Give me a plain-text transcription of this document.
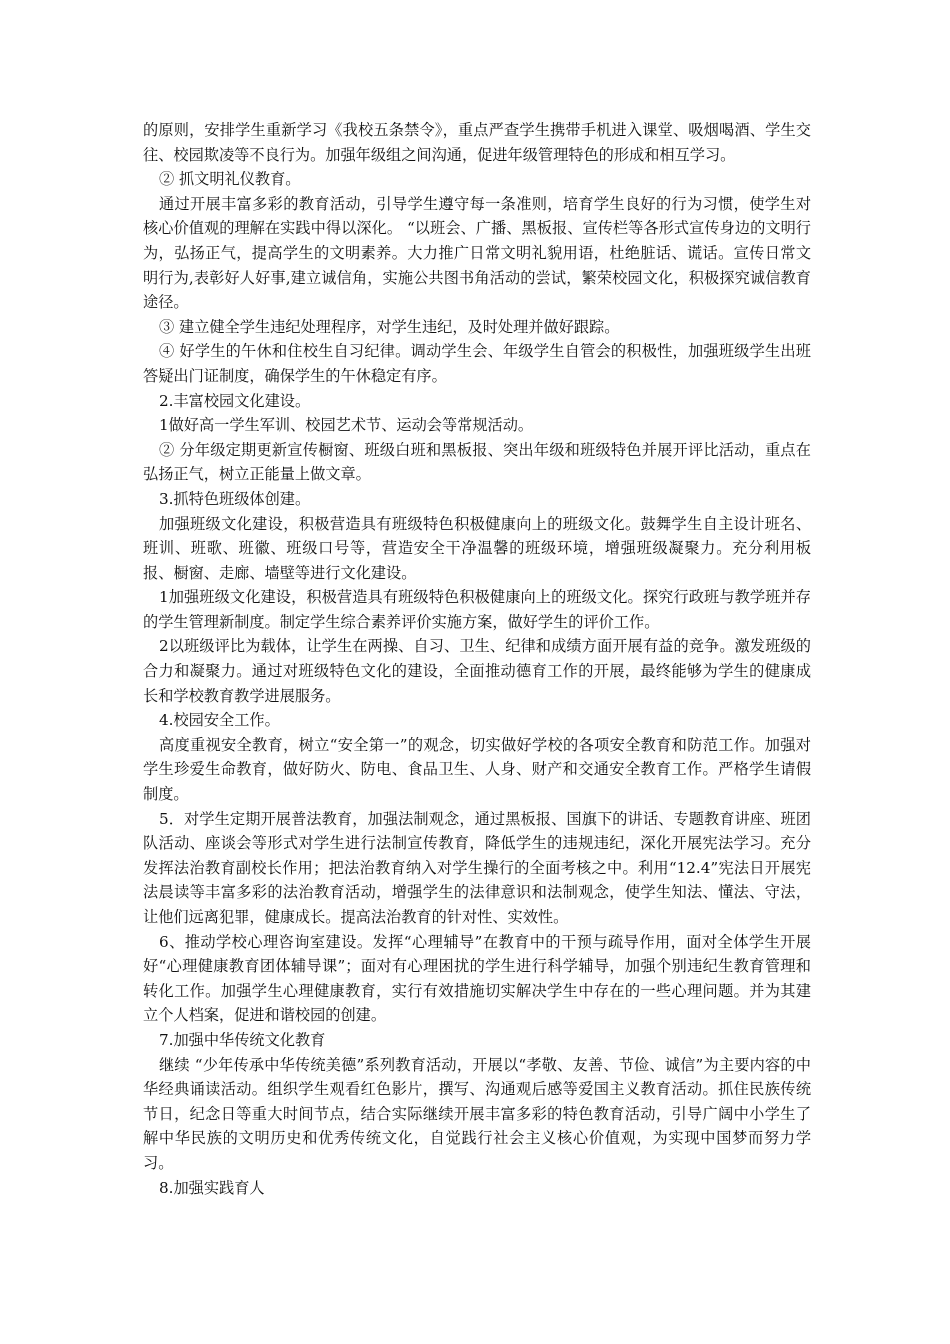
的原则，安排学生重新学习《我校五条禁令》，重点严查学生携带手机进入课堂、吸烟喝酒、学生交往、校园欺凌等不良行为。加强年级组之间沟通，促进年级管理特色的形成和相互学习。

② 抓文明礼仪教育。

通过开展丰富多彩的教育活动，引导学生遵守每一条准则，培育学生良好的行为习惯，使学生对核心价值观的理解在实践中得以深化。 “以班会、广播、黑板报、宣传栏等各形式宣传身边的文明行为，弘扬正气，提高学生的文明素养。大力推广日常文明礼貌用语，杜绝脏话、谎话。宣传日常文明行为,表彰好人好事,建立诚信角，实施公共图书角活动的尝试，繁荣校园文化，积极探究诚信教育途径。

③ 建立健全学生违纪处理程序，对学生违纪，及时处理并做好跟踪。

④ 好学生的午休和住校生自习纪律。调动学生会、年级学生自管会的积极性，加强班级学生出班答疑出门证制度，确保学生的午休稳定有序。

2.丰富校园文化建设。

1做好高一学生军训、校园艺术节、运动会等常规活动。

② 分年级定期更新宣传橱窗、班级白班和黑板报、突出年级和班级特色并展开评比活动，重点在弘扬正气，树立正能量上做文章。

3.抓特色班级体创建。

加强班级文化建设，积极营造具有班级特色积极健康向上的班级文化。鼓舞学生自主设计班名、班训、班歌、班徽、班级口号等，营造安全干净温馨的班级环境，增强班级凝聚力。充分利用板报、橱窗、走廊、墙壁等进行文化建设。

1加强班级文化建设，积极营造具有班级特色积极健康向上的班级文化。探究行政班与教学班并存的学生管理新制度。制定学生综合素养评价实施方案，做好学生的评价工作。

2以班级评比为载体，让学生在两操、自习、卫生、纪律和成绩方面开展有益的竞争。激发班级的合力和凝聚力。通过对班级特色文化的建设，全面推动德育工作的开展，最终能够为学生的健康成长和学校教育教学进展服务。

4.校园安全工作。

高度重视安全教育，树立“安全第一”的观念，切实做好学校的各项安全教育和防范工作。加强对学生珍爱生命教育，做好防火、防电、食品卫生、人身、财产和交通安全教育工作。严格学生请假制度。

5．对学生定期开展普法教育，加强法制观念，通过黑板报、国旗下的讲话、专题教育讲座、班团队活动、座谈会等形式对学生进行法制宣传教育，降低学生的违规违纪，深化开展宪法学习。充分发挥法治教育副校长作用；把法治教育纳入对学生操行的全面考核之中。利用“12.4”宪法日开展宪法晨读等丰富多彩的法治教育活动，增强学生的法律意识和法制观念，使学生知法、懂法、守法，让他们远离犯罪，健康成长。提高法治教育的针对性、实效性。

6、推动学校心理咨询室建设。发挥“心理辅导”在教育中的干预与疏导作用，面对全体学生开展好“心理健康教育团体辅导课”；面对有心理困扰的学生进行科学辅导，加强个别违纪生教育管理和转化工作。加强学生心理健康教育，实行有效措施切实解决学生中存在的一些心理问题。并为其建立个人档案，促进和谐校园的创建。

7.加强中华传统文化教育

继续 “少年传承中华传统美德”系列教育活动，开展以“孝敬、友善、节俭、诚信”为主要内容的中华经典诵读活动。组织学生观看红色影片，撰写、沟通观后感等爱国主义教育活动。抓住民族传统节日，纪念日等重大时间节点，结合实际继续开展丰富多彩的特色教育活动，引导广阔中小学生了解中华民族的文明历史和优秀传统文化，自觉践行社会主义核心价值观，为实现中国梦而努力学习。

8.加强实践育人
